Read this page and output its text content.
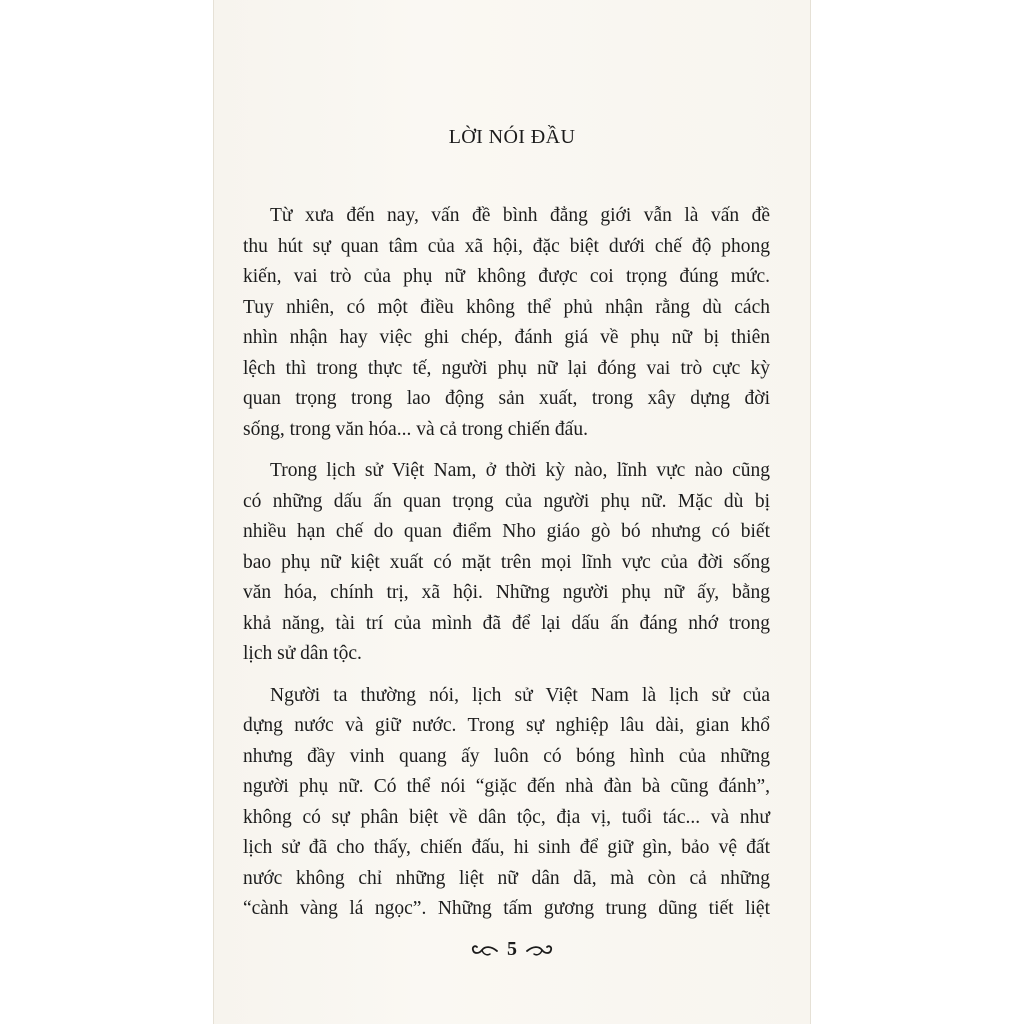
LỜI NÓI ĐẦU
Từ xưa đến nay, vấn đề bình đẳng giới vẫn là vấn đề
thu hút sự quan tâm của xã hội, đặc biệt dưới chế độ phong
kiến, vai trò của phụ nữ không được coi trọng đúng mức.
Tuy nhiên, có một điều không thể phủ nhận rằng dù cách
nhìn nhận hay việc ghi chép, đánh giá về phụ nữ bị thiên
lệch thì trong thực tế, người phụ nữ lại đóng vai trò cực kỳ
quan trọng trong lao động sản xuất, trong xây dựng đời
sống, trong văn hóa... và cả trong chiến đấu.
Trong lịch sử Việt Nam, ở thời kỳ nào, lĩnh vực nào cũng
có những dấu ấn quan trọng của người phụ nữ. Mặc dù bị
nhiều hạn chế do quan điểm Nho giáo gò bó nhưng có biết
bao phụ nữ kiệt xuất có mặt trên mọi lĩnh vực của đời sống
văn hóa, chính trị, xã hội. Những người phụ nữ ấy, bằng
khả năng, tài trí của mình đã để lại dấu ấn đáng nhớ trong
lịch sử dân tộc.
Người ta thường nói, lịch sử Việt Nam là lịch sử của
dựng nước và giữ nước. Trong sự nghiệp lâu dài, gian khổ
nhưng đầy vinh quang ấy luôn có bóng hình của những
người phụ nữ. Có thể nói “giặc đến nhà đàn bà cũng đánh”,
không có sự phân biệt về dân tộc, địa vị, tuổi tác... và như
lịch sử đã cho thấy, chiến đấu, hi sinh để giữ gìn, bảo vệ đất
nước không chỉ những liệt nữ dân dã, mà còn cả những
“cành vàng lá ngọc”. Những tấm gương trung dũng tiết liệt
5
